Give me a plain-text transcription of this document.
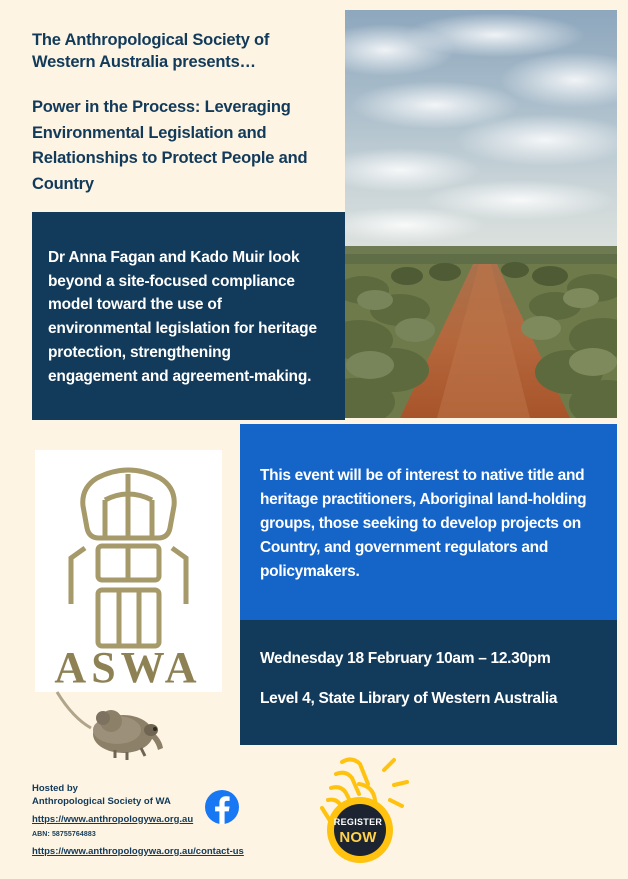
The Anthropological Society of Western Australia presents…
Power in the Process: Leveraging Environmental Legislation and Relationships to Protect People and Country

Dr Anna Fagan and Kado Muir look beyond a site-focused compliance model toward the use of environmental legislation for heritage protection, strengthening engagement and agreement-making.

This event will be of interest to native title and heritage practitioners, Aboriginal land-holding groups, those seeking to develop projects on Country, and government regulators and policymakers.

Wednesday 18 February 10am – 12.30pm

Level 4, State Library of Western Australia

ASWA

Hosted by

Anthropological Society of WA

https://www.anthropologywa.org.au

ABN: 58755764883

https://www.anthropologywa.org.au/contact-us
REGISTER
NOW
